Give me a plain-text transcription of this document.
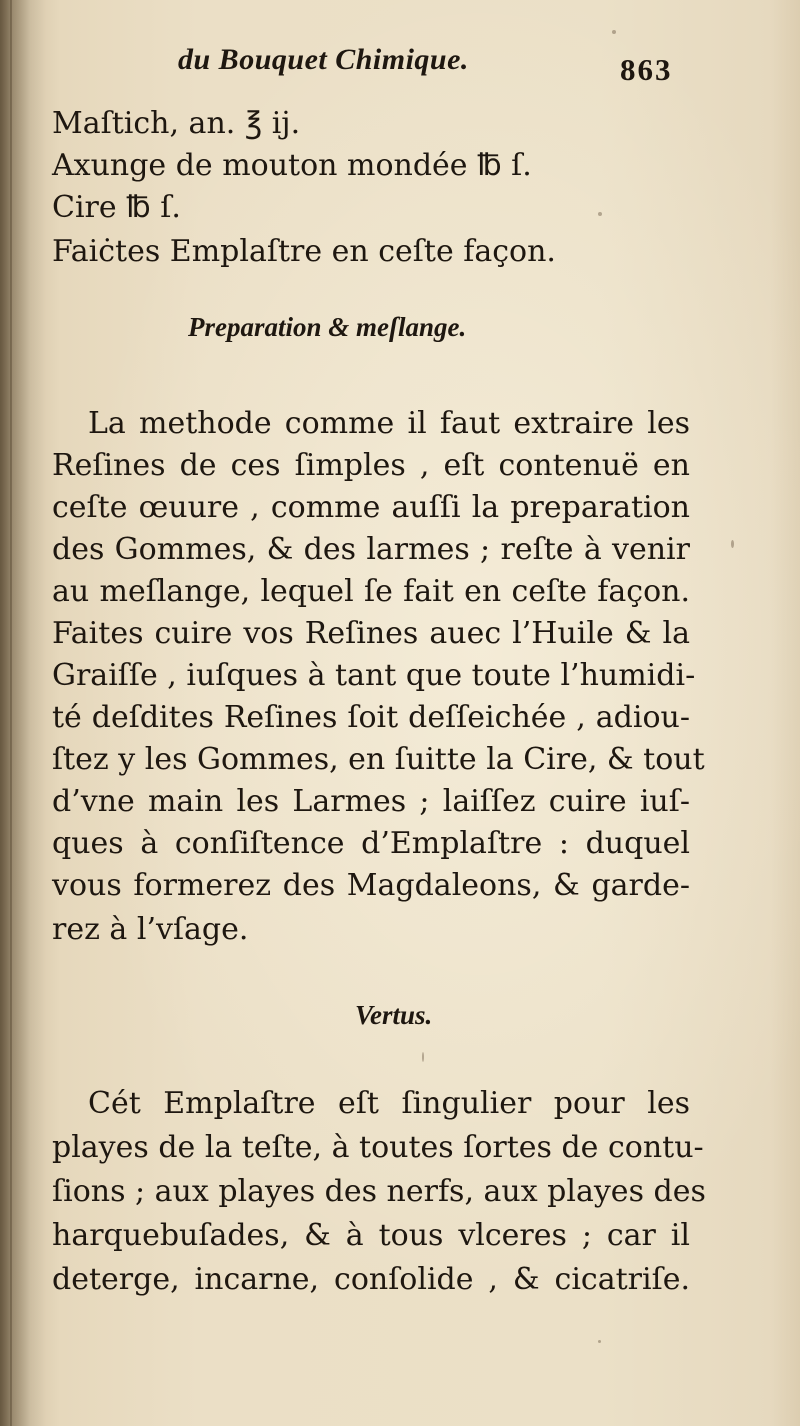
du Bouquet Chimique.	863
Maſtich, an. ℥ ij.
Axunge de mouton mondée ℔ ſ.
Cire ℔ ſ.
Faiċtes Emplaſtre en ceſte façon.
Preparation & meſlange.
La methode comme il faut extraire les
Reſines de ces ſimples , eſt contenuë en
ceſte œuure , comme auſſi la preparation
des Gommes, & des larmes ; reſte à venir
au meſlange, lequel ſe fait en ceſte façon.
Faites cuire vos Reſines auec l’Huile & la
Graiſſe , iuſques à tant que toute l’humidi-
té deſdites Reſines ſoit deſſeichée , adiou-
ſtez y les Gommes, en ſuitte la Cire, & tout
d’vne main les Larmes ; laiſſez cuire iuſ-
ques à conſiſtence d’Emplaſtre : duquel
vous formerez des Magdaleons, & garde-
rez à l’vſage.
Vertus.
Cét Emplaſtre eſt ſingulier pour les
playes de la teſte, à toutes ſortes de contu-
ſions ; aux playes des nerfs, aux playes des
harquebuſades, & à tous vlceres ; car il
deterge, incarne, conſolide , & cicatriſe.
